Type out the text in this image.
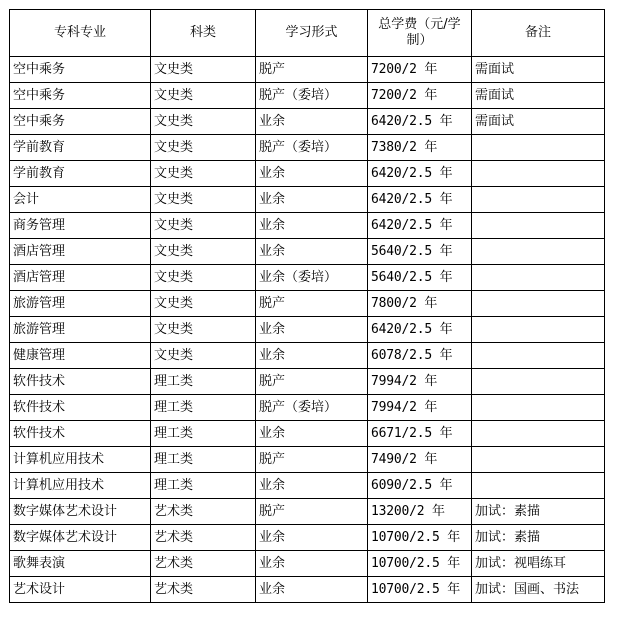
专科专业	科类	学习形式	总学费（元/学制）	备注
空中乘务	文史类	脱产	7200/2 年	需面试
空中乘务	文史类	脱产（委培）	7200/2 年	需面试
空中乘务	文史类	业余	6420/2.5 年	需面试
学前教育	文史类	脱产（委培）	7380/2 年	
学前教育	文史类	业余	6420/2.5 年	
会计	文史类	业余	6420/2.5 年	
商务管理	文史类	业余	6420/2.5 年	
酒店管理	文史类	业余	5640/2.5 年	
酒店管理	文史类	业余（委培）	5640/2.5 年	
旅游管理	文史类	脱产	7800/2 年	
旅游管理	文史类	业余	6420/2.5 年	
健康管理	文史类	业余	6078/2.5 年	
软件技术	理工类	脱产	7994/2 年	
软件技术	理工类	脱产（委培）	7994/2 年	
软件技术	理工类	业余	6671/2.5 年	
计算机应用技术	理工类	脱产	7490/2 年	
计算机应用技术	理工类	业余	6090/2.5 年	
数字媒体艺术设计	艺术类	脱产	13200/2 年	加试：素描
数字媒体艺术设计	艺术类	业余	10700/2.5 年	加试：素描
歌舞表演	艺术类	业余	10700/2.5 年	加试：视唱练耳
艺术设计	艺术类	业余	10700/2.5 年	加试：国画、书法
